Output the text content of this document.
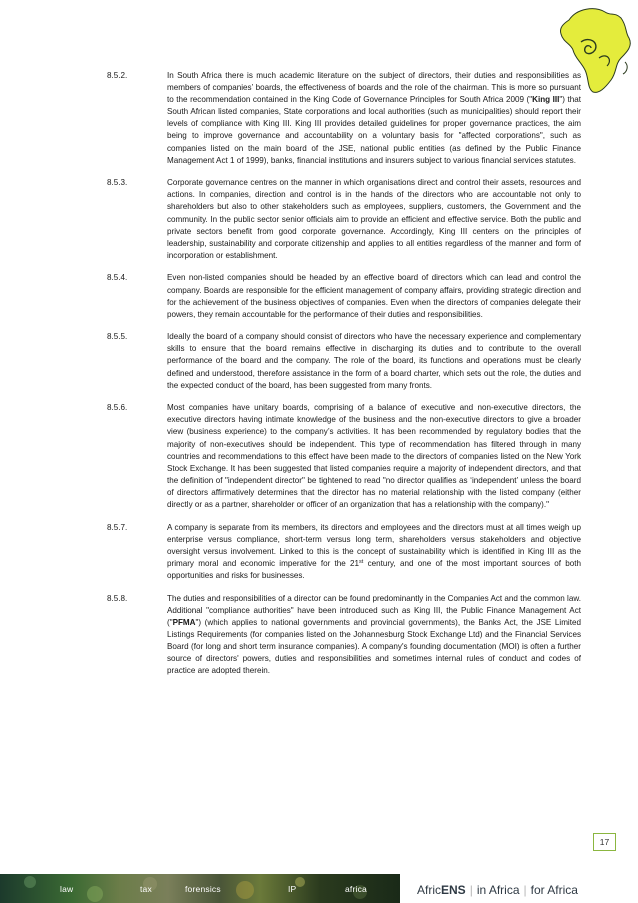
8.5.2.	In South Africa there is much academic literature on the subject of directors, their duties and responsibilities as members of companies’ boards, the effectiveness of boards and the role of the chairman. This is more so pursuant to the recommendation contained in the King Code of Governance Principles for South Africa 2009 ("King III") that South African listed companies, State corporations and local authorities (such as municipalities) should report their levels of compliance with King III. King III provides detailed guidelines for proper governance practices, the aim being to improve governance and accountability on a voluntary basis for "affected corporations", such as companies listed on the main board of the JSE, national public entities (as defined by the Public Finance Management Act 1 of 1999), banks, financial institutions and insurers subject to various financial services statutes.
8.5.3.	Corporate governance centres on the manner in which organisations direct and control their assets, resources and actions. In companies, direction and control is in the hands of the directors who are accountable not only to shareholders but also to other stakeholders such as employees, suppliers, customers, the Government and the community. In the public sector senior officials aim to provide an efficient and effective service. Both the public and private sectors benefit from good corporate governance. Accordingly, King III centers on the principles of leadership, sustainability and corporate citizenship and applies to all entities regardless of the manner and form of incorporation or establishment.
8.5.4.	Even non-listed companies should be headed by an effective board of directors which can lead and control the company. Boards are responsible for the efficient management of company affairs, providing strategic direction and for the achievement of the business objectives of companies. Even when the directors of companies delegate their powers, they remain accountable for the performance of their duties and responsibilities.
8.5.5.	Ideally the board of a company should consist of directors who have the necessary experience and complementary skills to ensure that the board remains effective in discharging its duties and to contribute to the overall performance of the board and the company. The role of the board, its functions and operations must be clearly defined and understood, therefore assistance in the form of a board charter, which sets out the role, the duties and the expected conduct of the board, has been suggested from many fronts.
8.5.6.	Most companies have unitary boards, comprising of a balance of executive and non-executive directors, the executive directors having intimate knowledge of the business and the non-executive directors to give a broader view (business experience) to the company’s activities. It has been recommended by regulatory bodies that the majority of non-executives should be independent. This type of recommendation has filtered through in many countries and recommendations to this effect have been made to the directors of companies listed on the New York Stock Exchange. It has been suggested that listed companies require a majority of independent directors, and that the definition of "independent director" be tightened to read "no director qualifies as ‘independent’ unless the board of directors affirmatively determines that the director has no material relationship with the listed company (either directly or as a partner, shareholder or officer of an organization that has a relationship with the company)."
8.5.7.	A company is separate from its members, its directors and employees and the directors must at all times weigh up enterprise versus compliance, short-term versus long term, shareholders versus stakeholders and objective oversight versus involvement. Linked to this is the concept of sustainability which is identified in King III as the primary moral and economic imperative for the 21st century, and one of the most important sources of both opportunities and risks for businesses.
8.5.8.	The duties and responsibilities of a director can be found predominantly in the Companies Act and the common law. Additional "compliance authorities" have been introduced such as King III, the Public Finance Management Act ("PFMA") (which applies to national governments and provincial governments), the Banks Act, the JSE Limited Listings Requirements (for companies listed on the Johannesburg Stock Exchange Ltd) and the Financial Services Board (for long and short term insurance companies). A company's founding documentation (MOI) is often a further source of directors' powers, duties and responsibilities and sometimes internal rules of conduct and codes of practice are adopted therein.
17
law	tax	forensics	IP	africa	Afric ENS | in Africa | for Africa
